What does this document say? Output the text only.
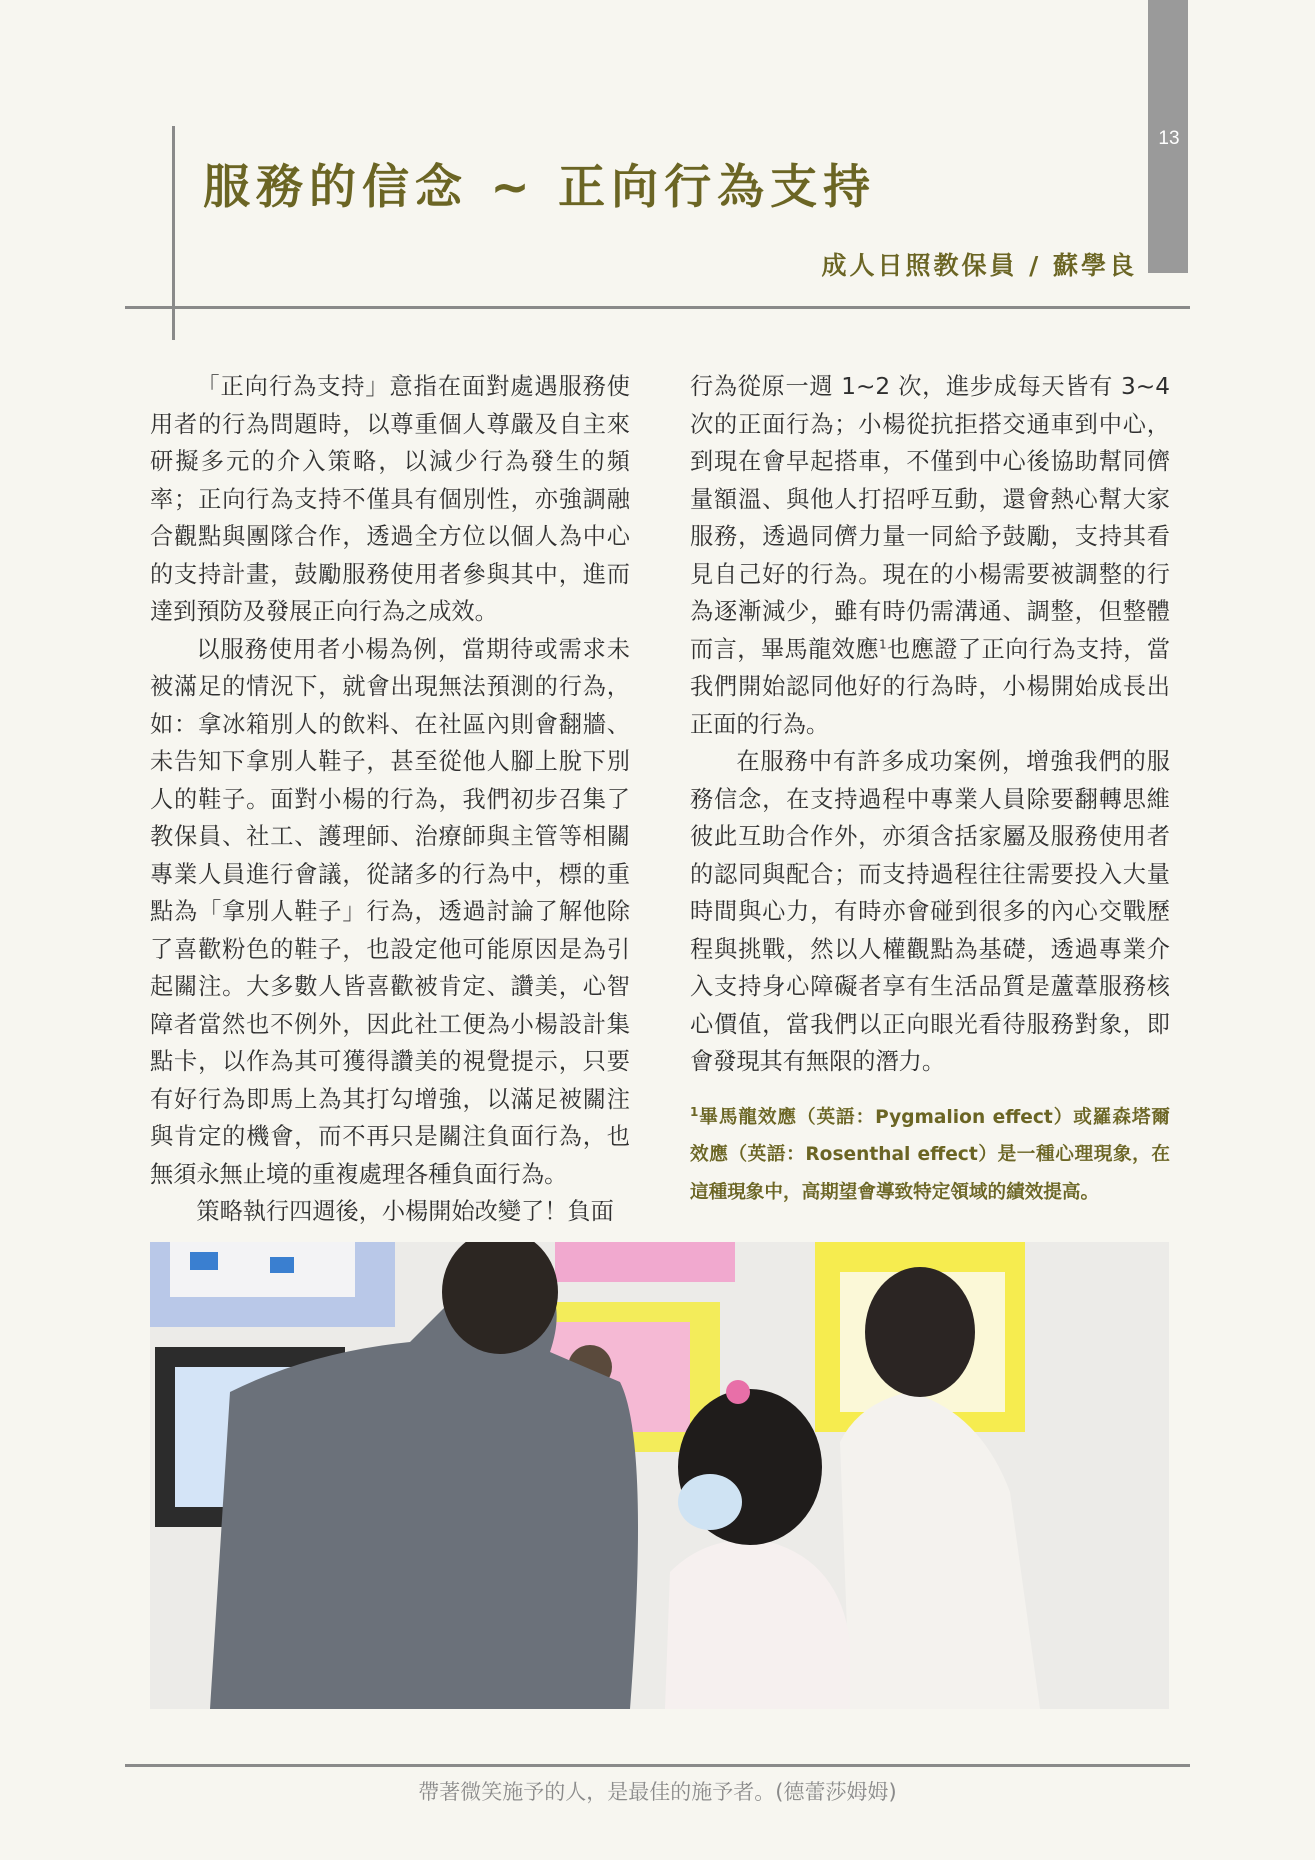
13
服務的信念 ~ 正向行為支持
成人日照教保員 / 蘇學良

「正向行為支持」意指在面對處遇服務使用者的行為問題時，以尊重個人尊嚴及自主來研擬多元的介入策略，以減少行為發生的頻率；正向行為支持不僅具有個別性，亦強調融合觀點與團隊合作，透過全方位以個人為中心的支持計畫，鼓勵服務使用者參與其中，進而達到預防及發展正向行為之成效。

以服務使用者小楊為例，當期待或需求未被滿足的情況下，就會出現無法預測的行為，如：拿冰箱別人的飲料、在社區內則會翻牆、未告知下拿別人鞋子，甚至從他人腳上脫下別人的鞋子。面對小楊的行為，我們初步召集了教保員、社工、護理師、治療師與主管等相關專業人員進行會議，從諸多的行為中，標的重點為「拿別人鞋子」行為，透過討論了解他除了喜歡粉色的鞋子，也設定他可能原因是為引起關注。大多數人皆喜歡被肯定、讚美，心智障者當然也不例外，因此社工便為小楊設計集點卡，以作為其可獲得讚美的視覺提示，只要有好行為即馬上為其打勾增強，以滿足被關注與肯定的機會，而不再只是關注負面行為，也無須永無止境的重複處理各種負面行為。

策略執行四週後，小楊開始改變了！負面

行為從原一週 1~2 次，進步成每天皆有 3~4 次的正面行為；小楊從抗拒搭交通車到中心，到現在會早起搭車，不僅到中心後協助幫同儕量額溫、與他人打招呼互動，還會熱心幫大家服務，透過同儕力量一同給予鼓勵，支持其看見自己好的行為。現在的小楊需要被調整的行為逐漸減少，雖有時仍需溝通、調整，但整體而言，畢馬龍效應$^1$也應證了正向行為支持，當我們開始認同他好的行為時，小楊開始成長出正面的行為。

在服務中有許多成功案例，增強我們的服務信念，在支持過程中專業人員除要翻轉思維彼此互助合作外，亦須含括家屬及服務使用者的認同與配合；而支持過程往往需要投入大量時間與心力，有時亦會碰到很多的內心交戰歷程與挑戰，然以人權觀點為基礎，透過專業介入支持身心障礙者享有生活品質是蘆葦服務核心價值，當我們以正向眼光看待服務對象，即會發現其有無限的潛力。

$^1$畢馬龍效應（英語：Pygmalion effect）或羅森塔爾效應（英語：Rosenthal effect）是一種心理現象，在這種現象中，高期望會導致特定領域的績效提高。

帶著微笑施予的人，是最佳的施予者。(德蕾莎姆姆)
